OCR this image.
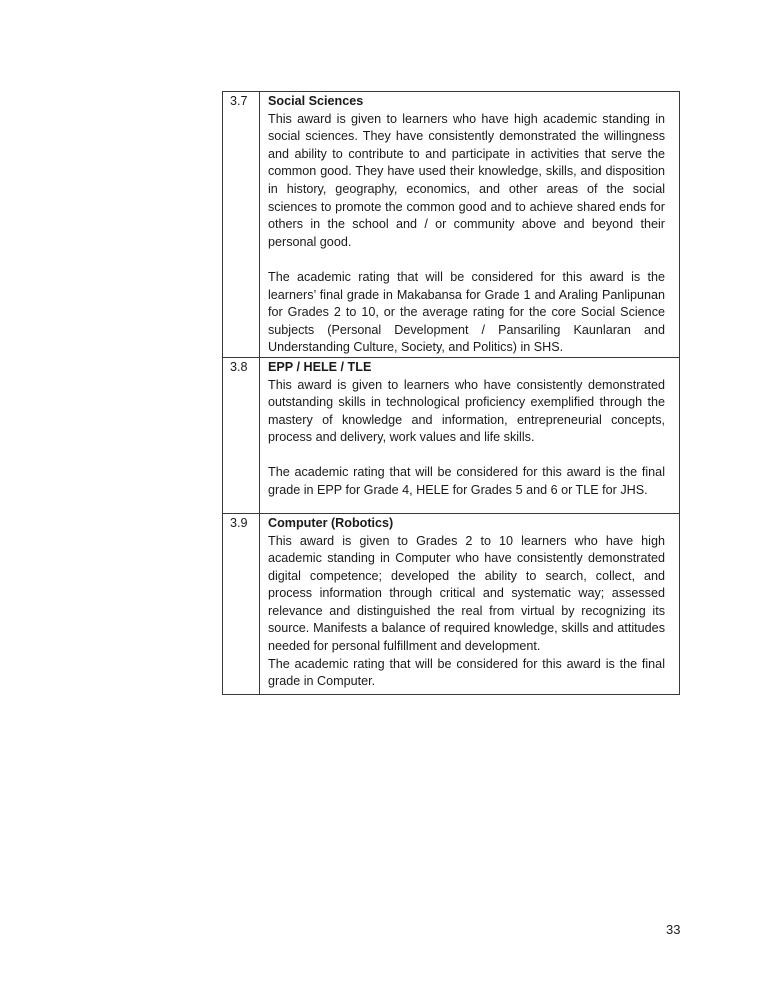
3.7	Social Sciences

This award is given to learners who have high academic standing in social sciences. They have consistently demonstrated the willingness and ability to contribute to and participate in activities that serve the common good. They have used their knowledge, skills, and disposition in history, geography, economics, and other areas of the social sciences to promote the common good and to achieve shared ends for others in the school and / or community above and beyond their personal good.

The academic rating that will be considered for this award is the learners’ final grade in Makabansa for Grade 1 and Araling Panlipunan for Grades 2 to 10, or the average rating for the core Social Science subjects (Personal Development / Pansariling Kaunlaran and Understanding Culture, Society, and Politics) in SHS.

3.8	EPP / HELE / TLE

This award is given to learners who have consistently demonstrated outstanding skills in technological proficiency exemplified through the mastery of knowledge and information, entrepreneurial concepts, process and delivery, work values and life skills.

The academic rating that will be considered for this award is the final grade in EPP for Grade 4, HELE for Grades 5 and 6 or TLE for JHS.

3.9	Computer (Robotics)

This award is given to Grades 2 to 10 learners who have high academic standing in Computer who have consistently demonstrated digital competence; developed the ability to search, collect, and process information through critical and systematic way; assessed relevance and distinguished the real from virtual by recognizing its source. Manifests a balance of required knowledge, skills and attitudes needed for personal fulfillment and development.

The academic rating that will be considered for this award is the final grade in Computer.

33
